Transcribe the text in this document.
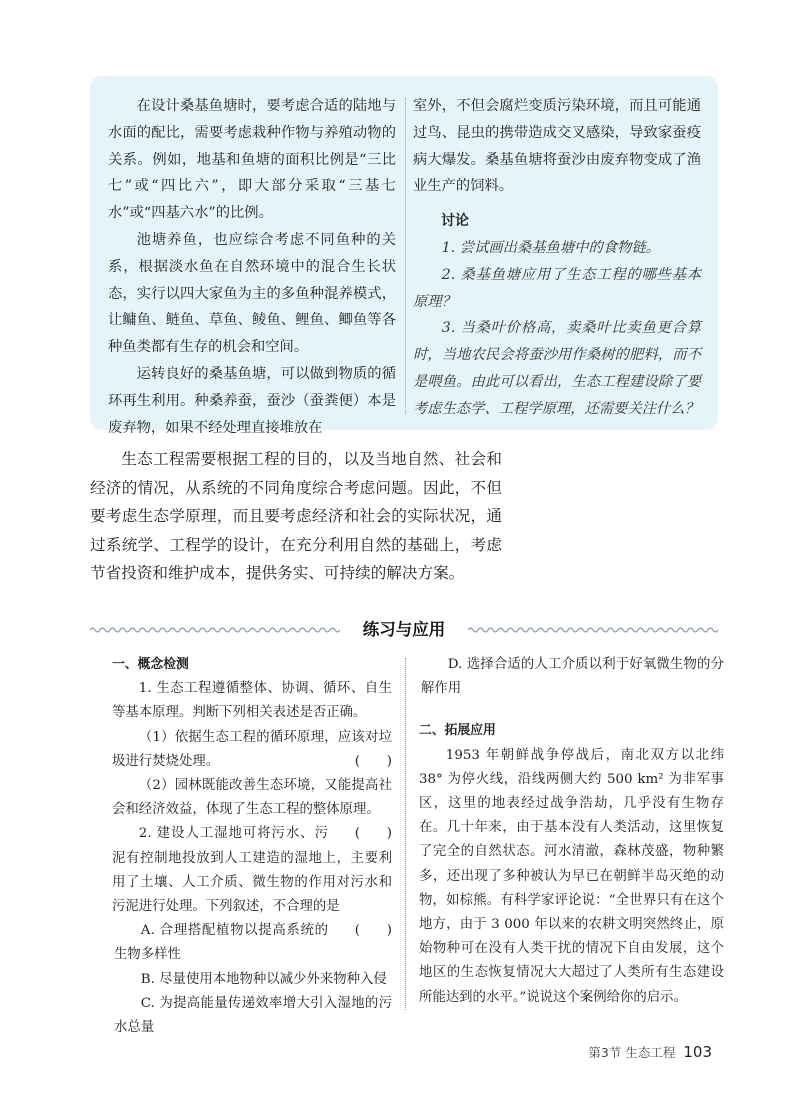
在设计桑基鱼塘时，要考虑合适的陆地与水面的配比，需要考虑栽种作物与养殖动物的关系。例如，地基和鱼塘的面积比例是“三比七”或“四比六”，即大部分采取“三基七水”或“四基六水”的比例。

池塘养鱼，也应综合考虑不同鱼种的关系，根据淡水鱼在自然环境中的混合生长状态，实行以四大家鱼为主的多鱼种混养模式，让鳙鱼、鲢鱼、草鱼、鲮鱼、鲤鱼、鲫鱼等各种鱼类都有生存的机会和空间。

运转良好的桑基鱼塘，可以做到物质的循环再生利用。种桑养蚕，蚕沙（蚕粪便）本是废弃物，如果不经处理直接堆放在

室外，不但会腐烂变质污染环境，而且可能通过鸟、昆虫的携带造成交叉感染，导致家蚕疫病大爆发。桑基鱼塘将蚕沙由废弃物变成了渔业生产的饲料。

讨论

1. 尝试画出桑基鱼塘中的食物链。

2. 桑基鱼塘应用了生态工程的哪些基本原理？

3. 当桑叶价格高，卖桑叶比卖鱼更合算时，当地农民会将蚕沙用作桑树的肥料，而不是喂鱼。由此可以看出，生态工程建设除了要考虑生态学、工程学原理，还需要关注什么？

生态工程需要根据工程的目的，以及当地自然、社会和经济的情况，从系统的不同角度综合考虑问题。因此，不但要考虑生态学原理，而且要考虑经济和社会的实际状况，通过系统学、工程学的设计，在充分利用自然的基础上，考虑节省投资和维护成本，提供务实、可持续的解决方案。

练习与应用

一、概念检测

1. 生态工程遵循整体、协调、循环、自生等基本原理。判断下列相关表述是否正确。

（1）依据生态工程的循环原理，应该对垃圾进行焚烧处理。	(　　)

（2）园林既能改善生态环境，又能提高社会和经济效益，体现了生态工程的整体原理。
(　　)

2. 建设人工湿地可将污水、污泥有控制地投放到人工建造的湿地上，主要利用了土壤、人工介质、微生物的作用对污水和污泥进行处理。下列叙述，不合理的是
(　　)

A. 合理搭配植物以提高系统的生物多样性

B. 尽量使用本地物种以减少外来物种入侵

C. 为提高能量传递效率增大引入湿地的污水总量

D. 选择合适的人工介质以利于好氧微生物的分解作用

二、拓展应用

1953 年朝鲜战争停战后，南北双方以北纬 38° 为停火线，沿线两侧大约 500 km² 为非军事区，这里的地表经过战争浩劫，几乎没有生物存在。几十年来，由于基本没有人类活动，这里恢复了完全的自然状态。河水清澈，森林茂盛，物种繁多，还出现了多种被认为早已在朝鲜半岛灭绝的动物，如棕熊。有科学家评论说：“全世界只有在这个地方，由于 3 000 年以来的农耕文明突然终止，原始物种可在没有人类干扰的情况下自由发展，这个地区的生态恢复情况大大超过了人类所有生态建设所能达到的水平。”说说这个案例给你的启示。

第3节 生态工程 103
